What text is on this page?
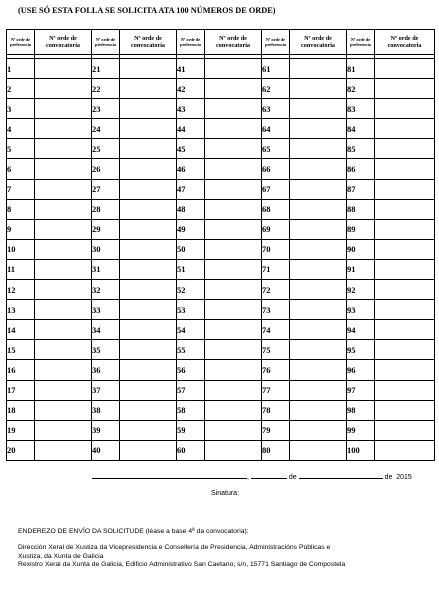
(USE SÓ ESTA FOLLA SE SOLICITA ATA 100 NÚMEROS DE ORDE)
Nº orde de preferencia	Nº orde de convocatoria	Nº orde de preferencia	Nº orde de convocatoria	Nº orde de preferencia	Nº orde de convocatoria	Nº orde de preferencia	Nº orde de convocatoria	Nº orde de preferencia	Nº orde de convocatoria

1		21		41		61		81	
2		22		42		62		82	
3		23		43		63		83	
4		24		44		64		84	
5		25		45		65		85	
6		26		46		66		86	
7		27		47		67		87	
8		28		48		68		88	
9		29		49		69		89	
10		30		50		70		90	
11		31		51		71		91	
12		32		52		72		92	
13		33		53		73		93	
14		34		54		74		94	
15		35		55		75		95	
16		36		56		76		96	
17		37		57		77		97	
18		38		58		78		98	
19		39		59		79		99	
20		40		60		80		100	
,	de	de 2015
Sinatura:
ENDEREZO DE ENVÍO DA SOLICITUDE (léase a base 4ª da convocatoria):
Dirección Xeral de Xustiza da Vicepresidencia e Consellería de Presidencia, Administracións Públicas e
Xustiza, da Xunta de Galicia
Rexistro Xeral da Xunta de Galicia, Edificio Administrativo San Caetano, s/n, 15771 Santiago de Compostela
